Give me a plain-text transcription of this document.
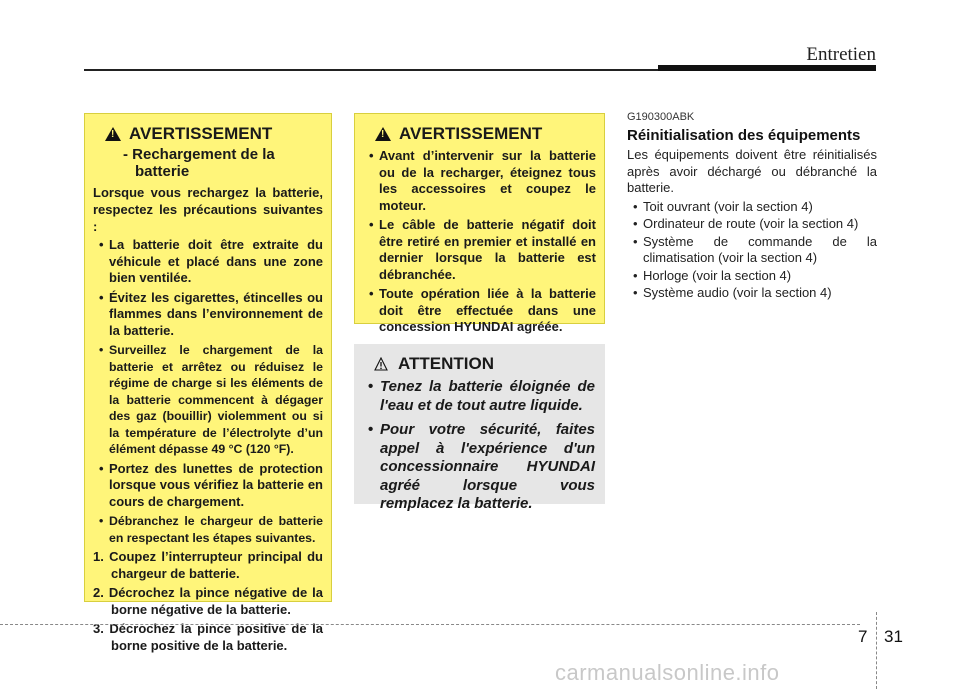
Entretien
!
AVERTISSEMENT
- Rechargement de la batterie

Lorsque vous rechargez la batterie, respectez les précautions suivantes :

• La batterie doit être extraite du véhicule et placé dans une zone bien ventilée.
• Évitez les cigarettes, étincelles ou flammes dans l’environnement de la batterie.
• Surveillez le chargement de la batterie et arrêtez ou réduisez le régime de charge si les éléments de la batterie commencent à dégager des gaz (bouillir) violemment ou si la température de l’électrolyte d’un élément dépasse 49 °C (120 °F).
• Portez des lunettes de protection lorsque vous vérifiez la batterie en cours de chargement.
• Débranchez le chargeur de batterie en respectant les étapes suivantes.
1. Coupez l’interrupteur principal du chargeur de batterie.
2. Décrochez la pince négative de la borne négative de la batterie.
3. Décrochez la pince positive de la borne positive de la batterie.
!
AVERTISSEMENT
• Avant d’intervenir sur la batterie ou de la recharger, éteignez tous les accessoires et coupez le moteur.
• Le câble de batterie négatif doit être retiré en premier et installé en dernier lorsque la batterie est débranchée.
• Toute opération liée à la batterie doit être effectuée dans une concession HYUNDAI agréée.
ATTENTION
• Tenez la batterie éloignée de l'eau et de tout autre liquide.
• Pour votre sécurité, faites appel à l'expérience d'un concessionnaire HYUNDAI agréé lorsque vous remplacez la batterie.
G190300ABK
Réinitialisation des équipements
Les équipements doivent être réinitialisés après avoir déchargé ou débranché la batterie.
• Toit ouvrant (voir la section 4)
• Ordinateur de route (voir la section 4)
• Système de commande de la climatisation (voir la section 4)
• Horloge (voir la section 4)
• Système audio (voir la section 4)
7 31
carmanualsonline.info
